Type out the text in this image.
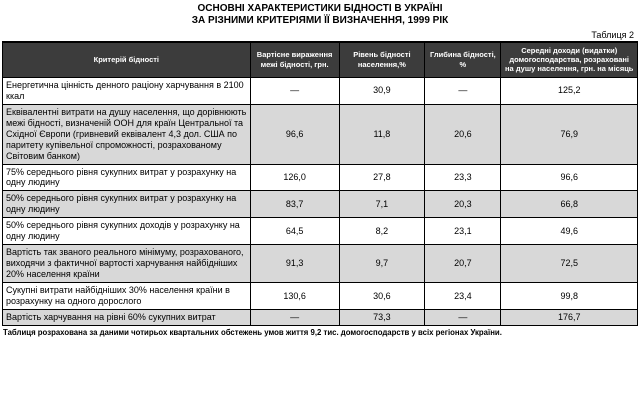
ОСНОВНІ ХАРАКТЕРИСТИКИ БІДНОСТІ В УКРАЇНІ
ЗА РІЗНИМИ КРИТЕРІЯМИ ЇЇ ВИЗНАЧЕННЯ, 1999 РІК
Таблиця 2
Критерій бідності	Вартісне вираження межі бідності, грн.	Рівень бідності населення,%	Глибина бідності, %	Середні доходи (видатки) домогосподарства, розраховані на душу населення, грн. на місяць
Енергетична цінність денного раціону харчування в 2100 ккал	—	30,9	—	125,2
Еквівалентні витрати на душу населення, що дорівнюють межі бідності, визначеній ООН для країн Центральної та Східної Європи (гривневий еквівалент 4,3 дол. США по паритету купівельної спроможності, розрахованому Світовим банком)	96,6	11,8	20,6	76,9
75% середнього рівня сукупних витрат у розрахунку на одну людину	126,0	27,8	23,3	96,6
50% середнього рівня сукупних витрат у розрахунку на одну людину	83,7	7,1	20,3	66,8
50% середнього рівня сукупних доходів у розрахунку на одну людину	64,5	8,2	23,1	49,6
Вартість так званого реального мінімуму, розрахованого, виходячи з фактичної вартості харчування найбідніших 20% населення країни	91,3	9,7	20,7	72,5
Сукупні витрати найбідніших 30% населення країни в розрахунку на одного дорослого	130,6	30,6	23,4	99,8
Вартість харчування на рівні 60% сукупних витрат	—	73,3	—	176,7
Таблиця розрахована за даними чотирьох квартальних обстежень умов життя 9,2 тис. домогосподарств у всіх регіонах України.
